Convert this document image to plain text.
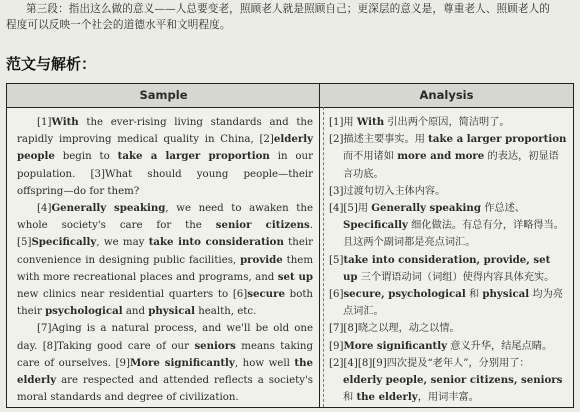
第三段：指出这么做的意义——人总要变老，照顾老人就是照顾自己；更深层的意义是，尊重老人、照顾老人的
程度可以反映一个社会的道德水平和文明程度。
范文与解析：
Sample	Analysis

[1]With the ever-rising living standards and the rapidly improving medical quality in China, [2]elderly people begin to take a larger proportion in our population. [3]What should young people—their offspring—do for them?

[4]Generally speaking, we need to awaken the whole society's care for the senior citizens. [5]Specifically, we may take into consideration their convenience in designing public facilities, provide them with more recreational places and programs, and set up new clinics near residential quarters to [6]secure both their psychological and physical health, etc.

[7]Aging is a natural process, and we'll be old one day. [8]Taking good care of our seniors means taking care of ourselves. [9]More significantly, how well the elderly are respected and attended reflects a society's moral standards and degree of civilization.

[1]用 With 引出两个原因，简洁明了。
[2]描述主要事实。用 take a larger proportion 而不用诸如 more and more 的表达，初显语言功底。
[3]过渡句切入主体内容。
[4][5]用 Generally speaking 作总述、Specifically 细化做法。有总有分，详略得当。且这两个副词都是亮点词汇。
[5]take into consideration, provide, set up 三个谓语动词（词组）使得内容具体充实。
[6]secure, psychological 和 physical 均为亮点词汇。
[7][8]晓之以理，动之以情。
[9]More significantly 意义升华，结尾点睛。
[2][4][8][9]四次提及“老年人”，分别用了：elderly people, senior citizens, seniors 和 the elderly，用词丰富。
